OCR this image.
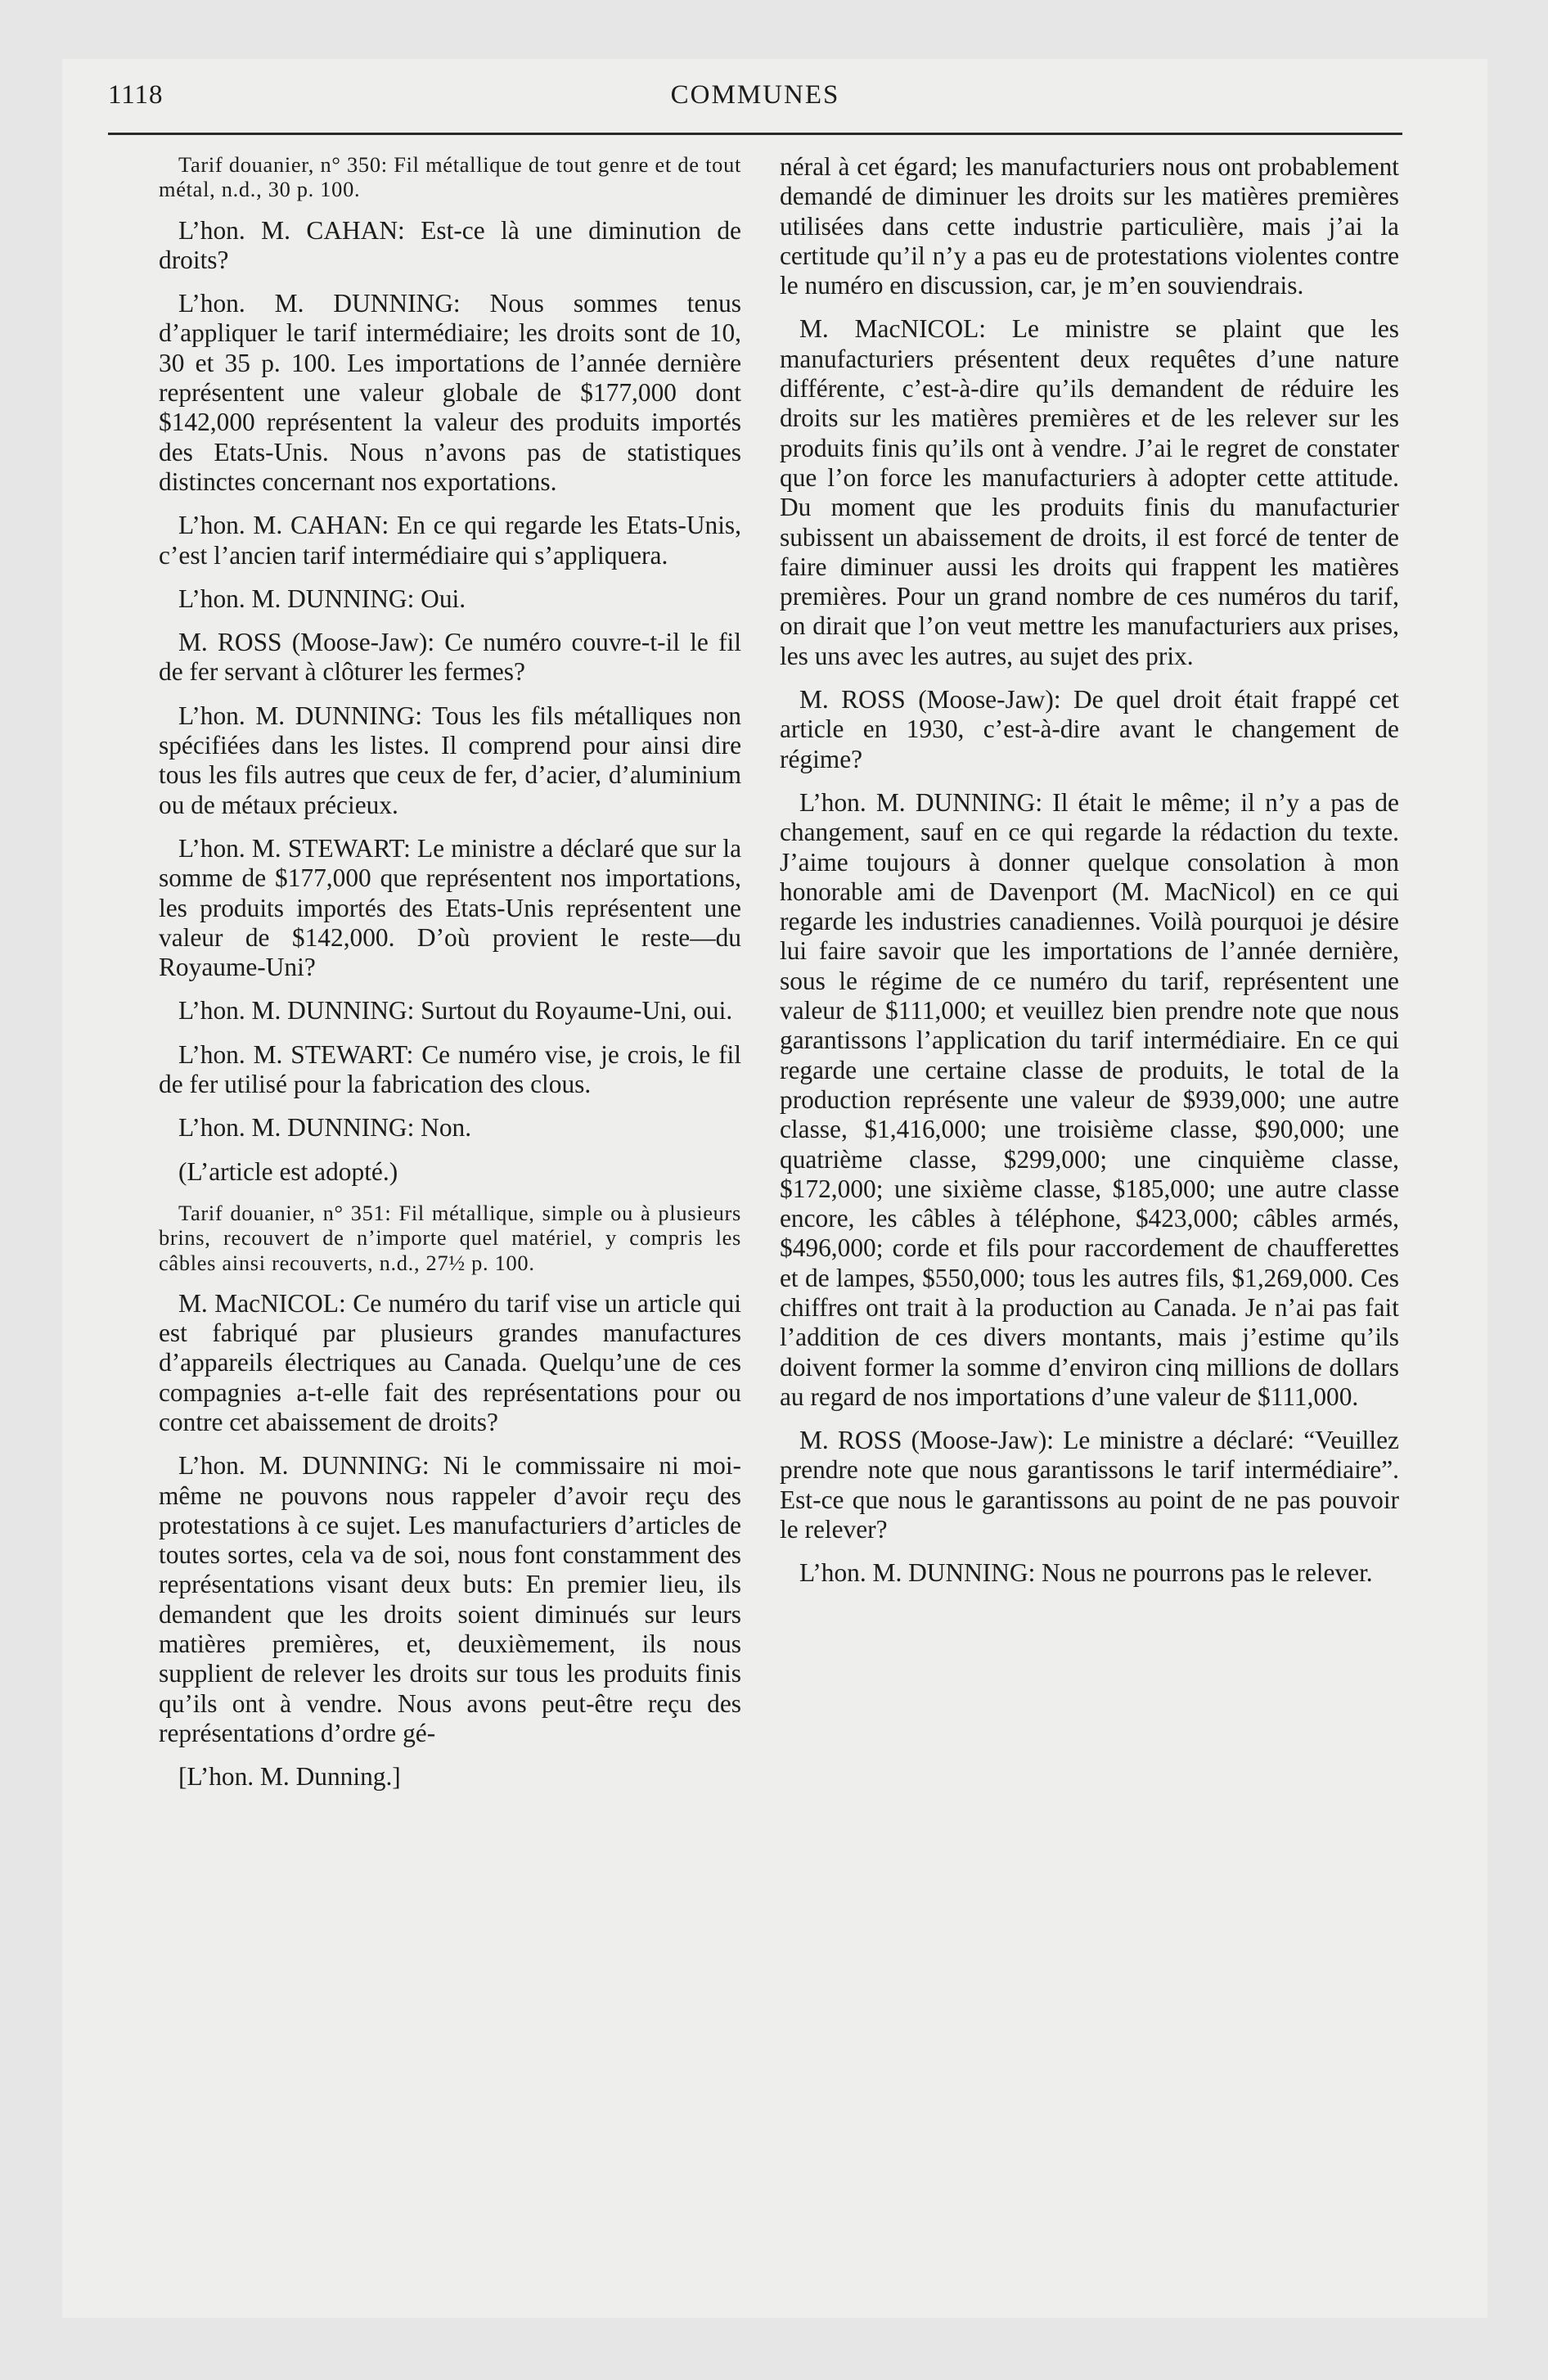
1118	COMMUNES

Tarif douanier, n° 350: Fil métallique de tout genre et de tout métal, n.d., 30 p. 100.

L’hon. M. CAHAN: Est-ce là une diminution de droits?

L’hon. M. DUNNING: Nous sommes tenus d’appliquer le tarif intermédiaire; les droits sont de 10, 30 et 35 p. 100. Les importations de l’année dernière représentent une valeur globale de $177,000 dont $142,000 représentent la valeur des produits importés des Etats-Unis. Nous n’avons pas de statistiques distinctes concernant nos exportations.

L’hon. M. CAHAN: En ce qui regarde les Etats-Unis, c’est l’ancien tarif intermédiaire qui s’appliquera.

L’hon. M. DUNNING: Oui.

M. ROSS (Moose-Jaw): Ce numéro couvre-t-il le fil de fer servant à clôturer les fermes?

L’hon. M. DUNNING: Tous les fils métalliques non spécifiées dans les listes. Il comprend pour ainsi dire tous les fils autres que ceux de fer, d’acier, d’aluminium ou de métaux précieux.

L’hon. M. STEWART: Le ministre a déclaré que sur la somme de $177,000 que représentent nos importations, les produits importés des Etats-Unis représentent une valeur de $142,000. D’où provient le reste—du Royaume-Uni?

L’hon. M. DUNNING: Surtout du Royaume-Uni, oui.

L’hon. M. STEWART: Ce numéro vise, je crois, le fil de fer utilisé pour la fabrication des clous.

L’hon. M. DUNNING: Non.

(L’article est adopté.)

Tarif douanier, n° 351: Fil métallique, simple ou à plusieurs brins, recouvert de n’importe quel matériel, y compris les câbles ainsi recouverts, n.d., 27½ p. 100.

M. MacNICOL: Ce numéro du tarif vise un article qui est fabriqué par plusieurs grandes manufactures d’appareils électriques au Canada. Quelqu’une de ces compagnies a-t-elle fait des représentations pour ou contre cet abaissement de droits?

L’hon. M. DUNNING: Ni le commissaire ni moi-même ne pouvons nous rappeler d’avoir reçu des protestations à ce sujet. Les manufacturiers d’articles de toutes sortes, cela va de soi, nous font constamment des représentations visant deux buts: En premier lieu, ils demandent que les droits soient diminués sur leurs matières premières, et, deuxièmement, ils nous supplient de relever les droits sur tous les produits finis qu’ils ont à vendre. Nous avons peut-être reçu des représentations d’ordre gé-

[L’hon. M. Dunning.]

néral à cet égard; les manufacturiers nous ont probablement demandé de diminuer les droits sur les matières premières utilisées dans cette industrie particulière, mais j’ai la certitude qu’il n’y a pas eu de protestations violentes contre le numéro en discussion, car, je m’en souviendrais.

M. MacNICOL: Le ministre se plaint que les manufacturiers présentent deux requêtes d’une nature différente, c’est-à-dire qu’ils demandent de réduire les droits sur les matières premières et de les relever sur les produits finis qu’ils ont à vendre. J’ai le regret de constater que l’on force les manufacturiers à adopter cette attitude. Du moment que les produits finis du manufacturier subissent un abaissement de droits, il est forcé de tenter de faire diminuer aussi les droits qui frappent les matières premières. Pour un grand nombre de ces numéros du tarif, on dirait que l’on veut mettre les manufacturiers aux prises, les uns avec les autres, au sujet des prix.

M. ROSS (Moose-Jaw): De quel droit était frappé cet article en 1930, c’est-à-dire avant le changement de régime?

L’hon. M. DUNNING: Il était le même; il n’y a pas de changement, sauf en ce qui regarde la rédaction du texte. J’aime toujours à donner quelque consolation à mon honorable ami de Davenport (M. MacNicol) en ce qui regarde les industries canadiennes. Voilà pourquoi je désire lui faire savoir que les importations de l’année dernière, sous le régime de ce numéro du tarif, représentent une valeur de $111,000; et veuillez bien prendre note que nous garantissons l’application du tarif intermédiaire. En ce qui regarde une certaine classe de produits, le total de la production représente une valeur de $939,000; une autre classe, $1,416,000; une troisième classe, $90,000; une quatrième classe, $299,000; une cinquième classe, $172,000; une sixième classe, $185,000; une autre classe encore, les câbles à téléphone, $423,000; câbles armés, $496,000; corde et fils pour raccordement de chaufferettes et de lampes, $550,000; tous les autres fils, $1,269,000. Ces chiffres ont trait à la production au Canada. Je n’ai pas fait l’addition de ces divers montants, mais j’estime qu’ils doivent former la somme d’environ cinq millions de dollars au regard de nos importations d’une valeur de $111,000.

M. ROSS (Moose-Jaw): Le ministre a déclaré: “Veuillez prendre note que nous garantissons le tarif intermédiaire”. Est-ce que nous le garantissons au point de ne pas pouvoir le relever?

L’hon. M. DUNNING: Nous ne pourrons pas le relever.
